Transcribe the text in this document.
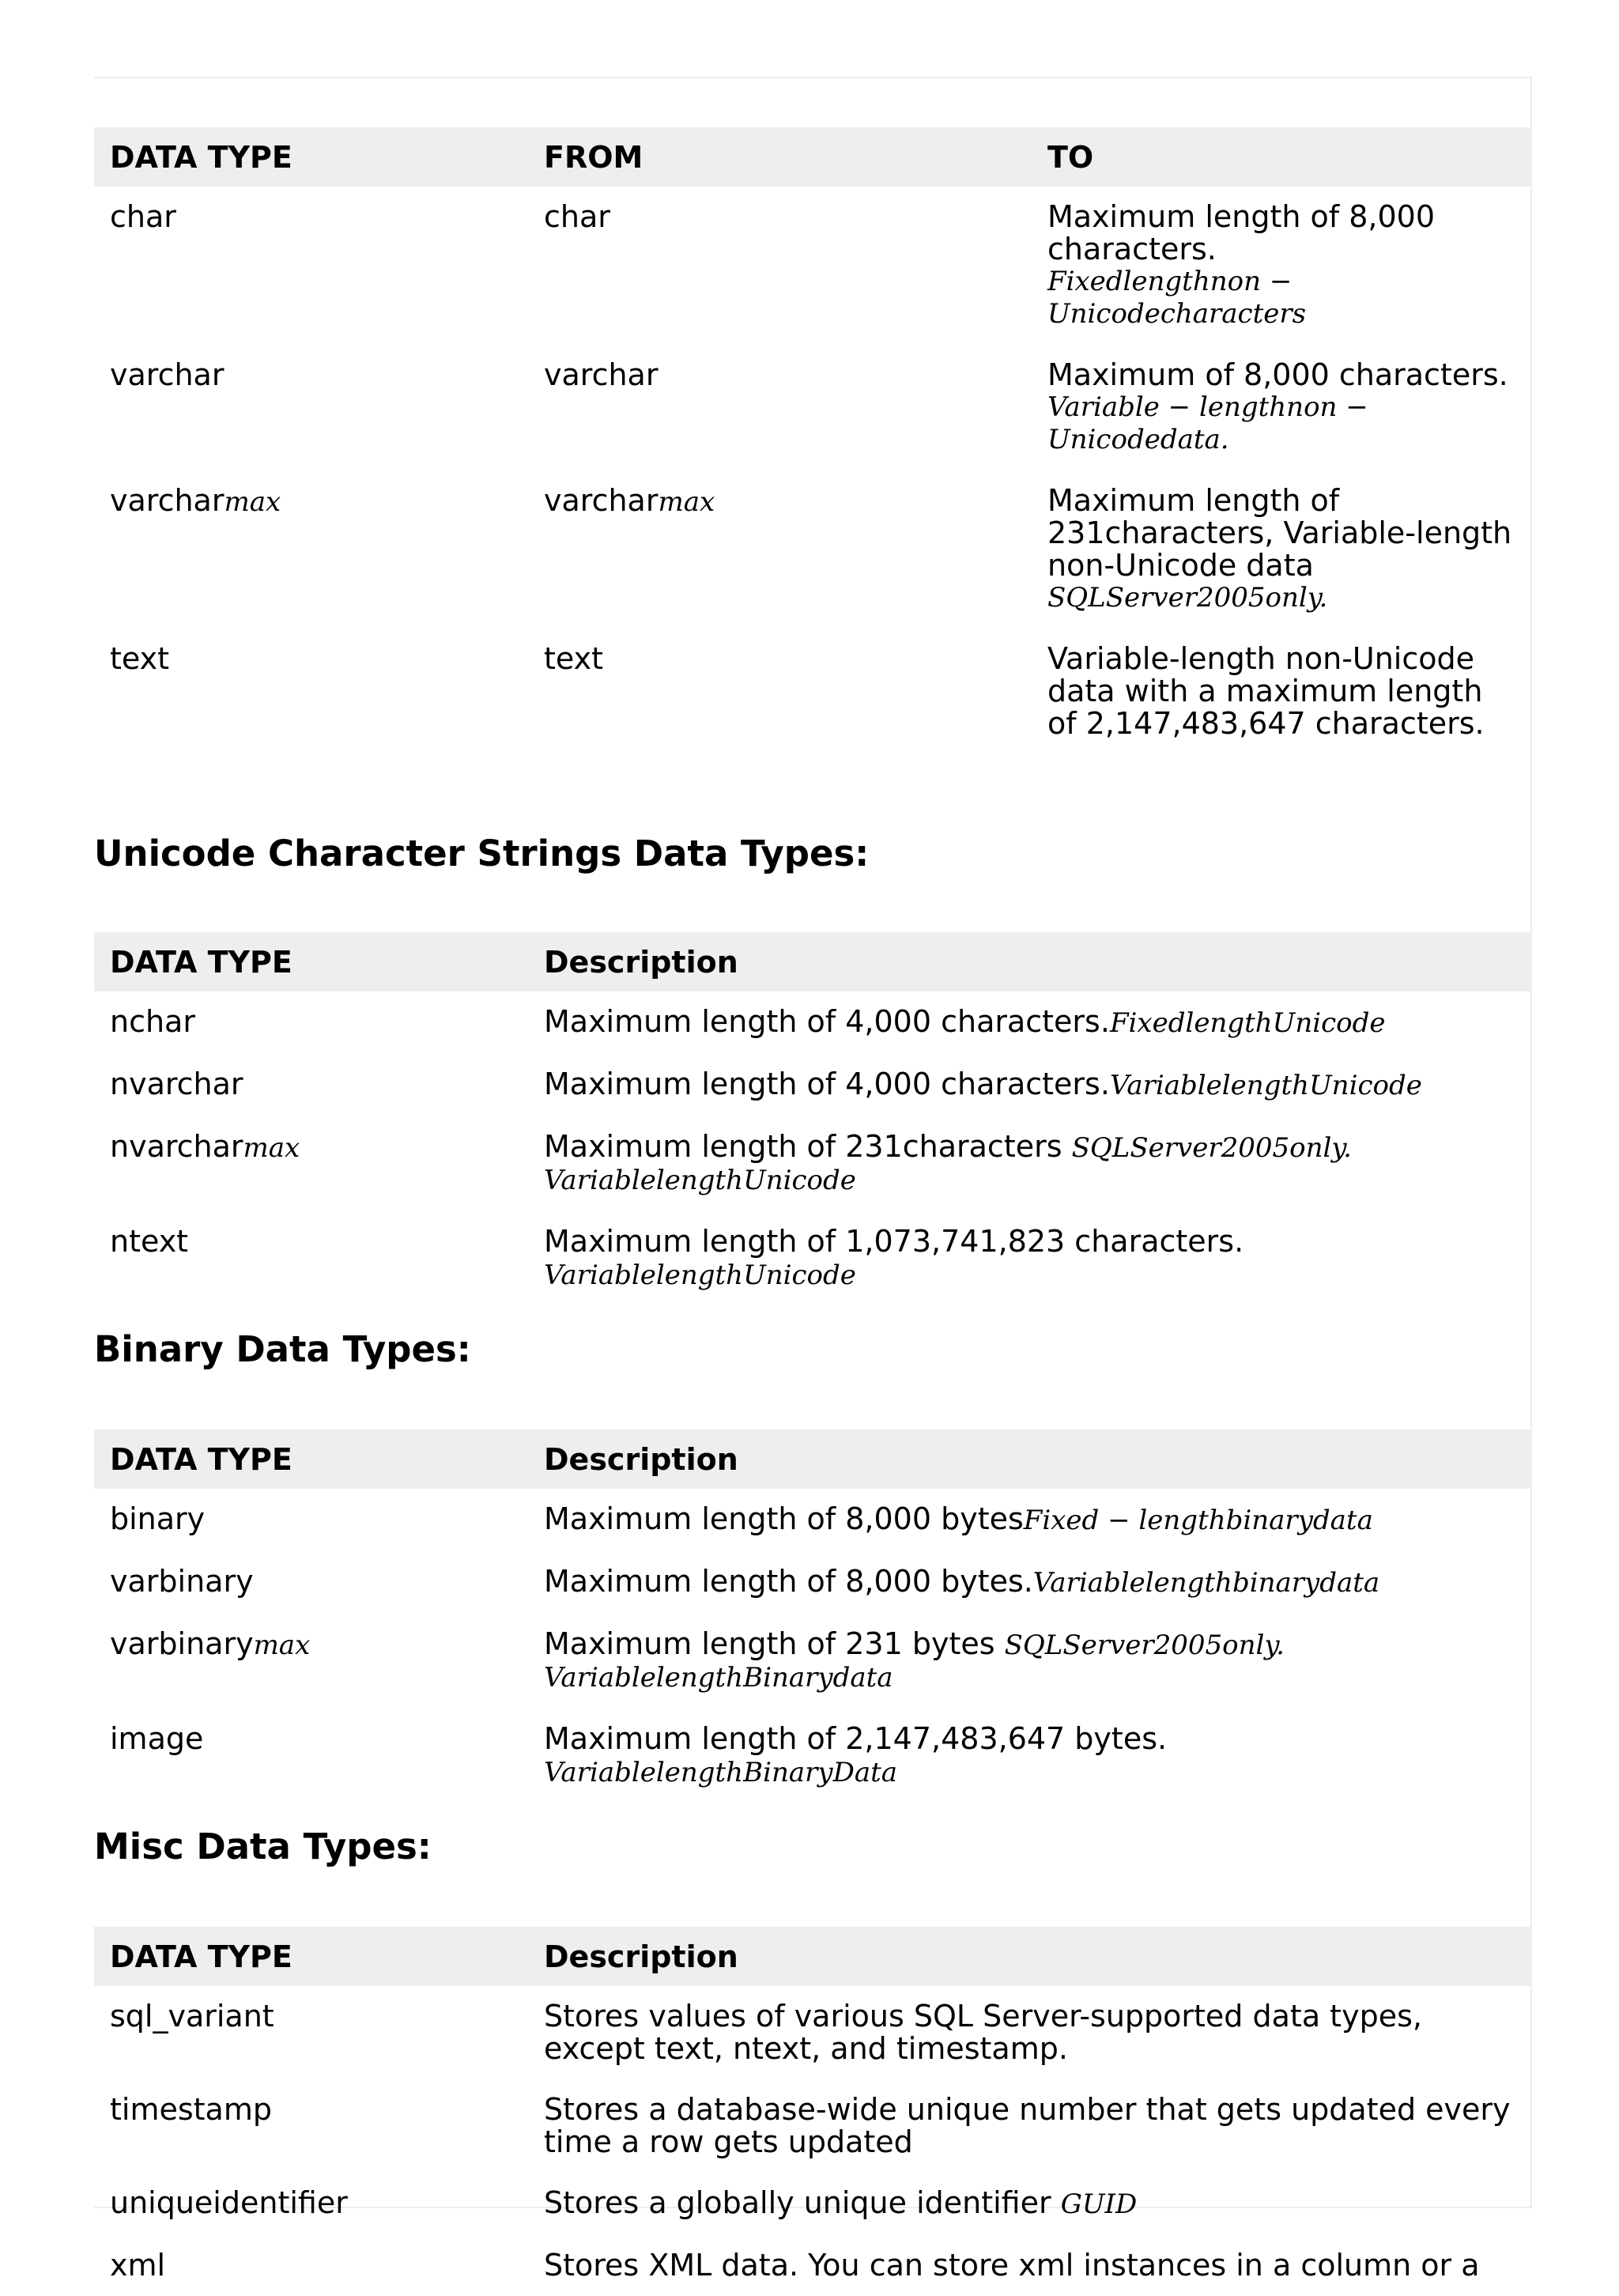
DATA TYPE	FROM	TO
char	char	Maximum length of 8,000 characters.
Fixedlengthnon − Unicodecharacters

varchar	varchar	Maximum of 8,000 characters.
Variable − lengthnon − Unicodedata.

varcharmax	varcharmax	Maximum length of 231characters, Variable-length non-Unicode data
SQLServer2005only.

text	text	Variable-length non-Unicode data with a maximum length of 2,147,483,647 characters.
Unicode Character Strings Data Types:
DATA TYPE	Description
nchar	Maximum length of 4,000 characters.FixedlengthUnicode
nvarchar	Maximum length of 4,000 characters.VariablelengthUnicode
nvarcharmax	Maximum length of 231characters SQLServer2005only.
VariablelengthUnicode

ntext	Maximum length of 1,073,741,823 characters. VariablelengthUnicode
Binary Data Types:
DATA TYPE	Description
binary	Maximum length of 8,000 bytesFixed − lengthbinarydata
varbinary	Maximum length of 8,000 bytes.Variablelengthbinarydata
varbinarymax	Maximum length of 231 bytes SQLServer2005only.
VariablelengthBinarydata

image	Maximum length of 2,147,483,647 bytes. VariablelengthBinaryData
Misc Data Types:
DATA TYPE	Description
sql_variant	Stores values of various SQL Server-supported data types, except text, ntext, and timestamp.
timestamp	Stores a database-wide unique number that gets updated every time a row gets updated
uniqueidentifier	Stores a globally unique identifier GUID
xml	Stores XML data. You can store xml instances in a column or a
